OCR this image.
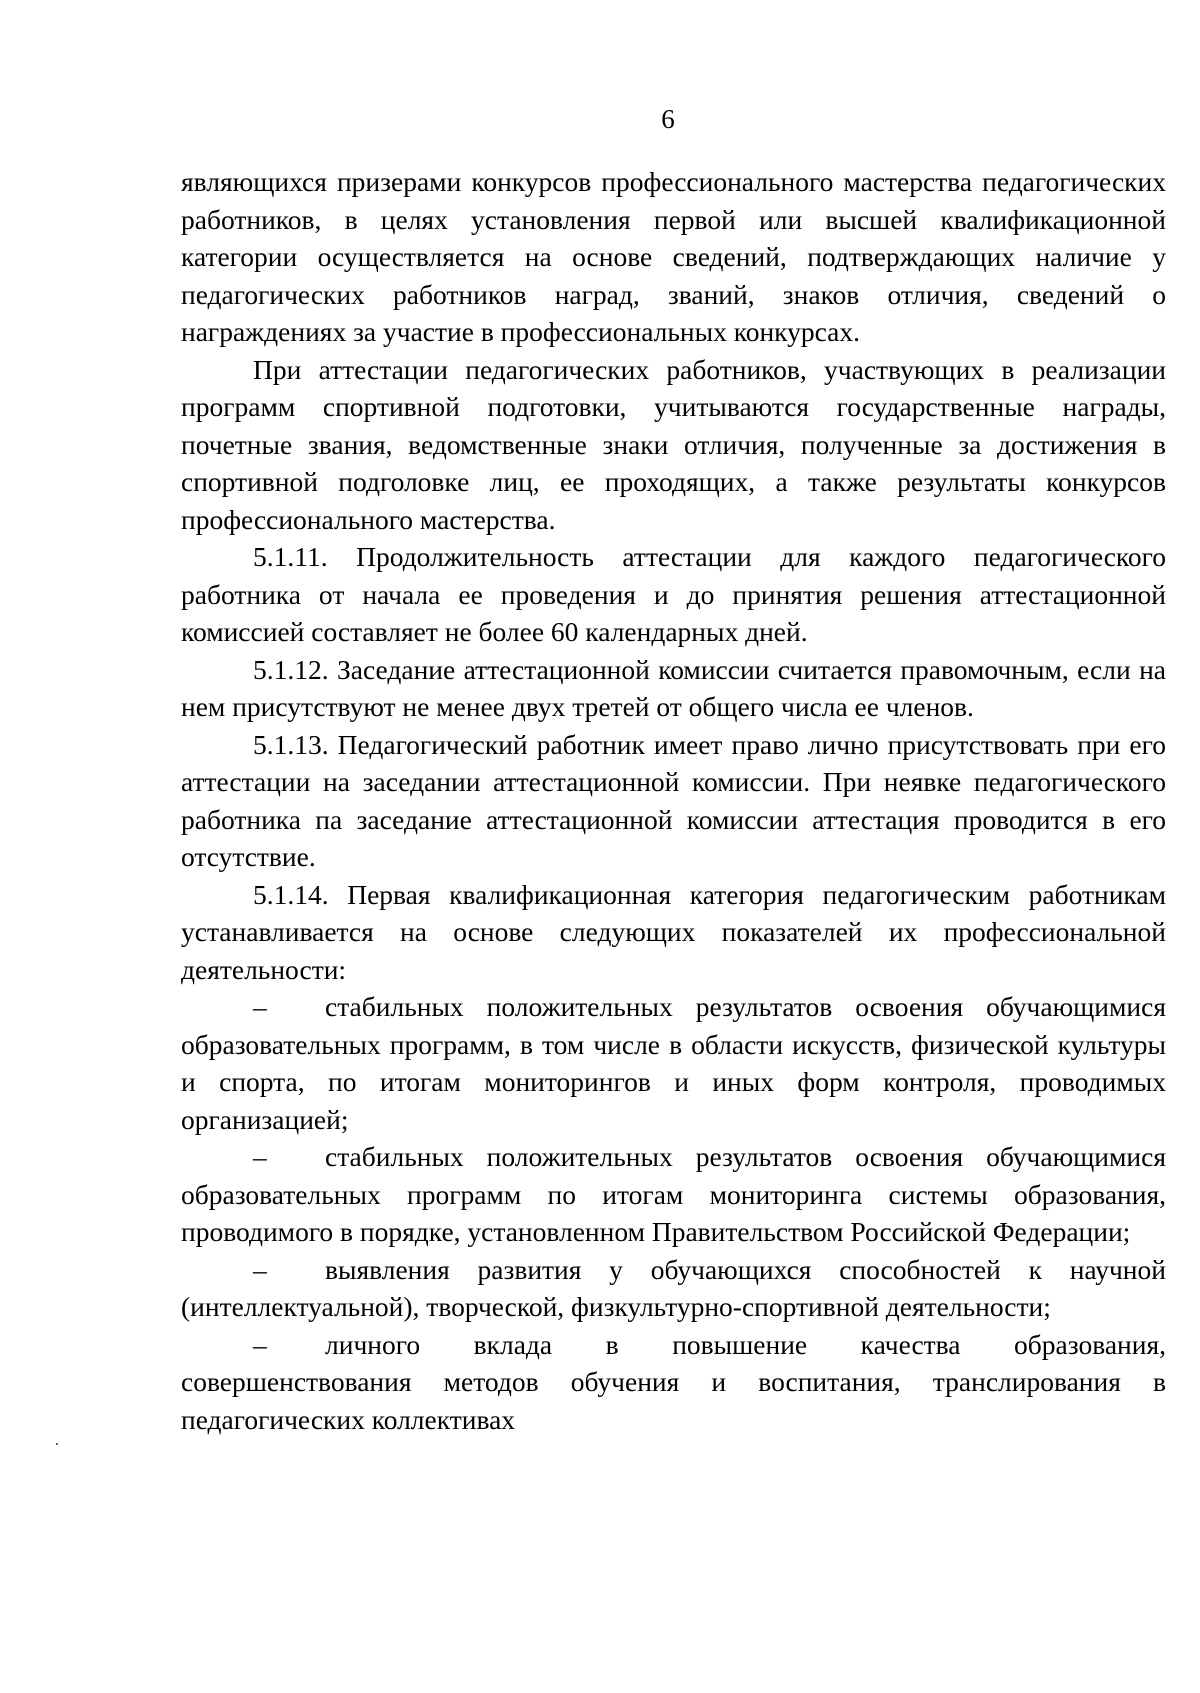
6

являющихся призерами конкурсов профессионального мастерства педагогических работников, в целях установления первой или высшей квалификационной категории осуществляется на основе сведений, подтверждающих наличие у педагогических работников наград, званий, знаков отличия, сведений о награждениях за участие в профессиональных конкурсах.

При аттестации педагогических работников, участвующих в реализации программ спортивной подготовки, учитываются государственные награды, почетные звания, ведомственные знаки отличия, полученные за достижения в спортивной подголовке лиц, ее проходящих, а также результаты конкурсов профессионального мастерства.

5.1.11. Продолжительность аттестации для каждого педагогического работника от начала ее проведения и до принятия решения аттестационной комиссией составляет не более 60 календарных дней.

5.1.12. Заседание аттестационной комиссии считается правомочным, если на нем присутствуют не менее двух третей от общего числа ее членов.

5.1.13. Педагогический работник имеет право лично присутствовать при его аттестации на заседании аттестационной комиссии. При неявке педагогического работника па заседание аттестационной комиссии аттестация проводится в его отсутствие.

5.1.14. Первая квалификационная категория педагогическим работникам устанавливается на основе следующих показателей их профессиональной деятельности:

– стабильных положительных результатов освоения обучающимися образовательных программ, в том числе в области искусств, физической культуры и спорта, по итогам мониторингов и иных форм контроля, проводимых организацией;

– стабильных положительных результатов освоения обучающимися образовательных программ по итогам мониторинга системы образования, проводимого в порядке, установленном Правительством Российской Федерации;

– выявления развития у обучающихся способностей к научной (интеллектуальной), творческой, физкультурно-спортивной деятельности;

– личного вклада в повышение качества образования, совершенствования методов обучения и воспитания, транслирования в педагогических коллективах
